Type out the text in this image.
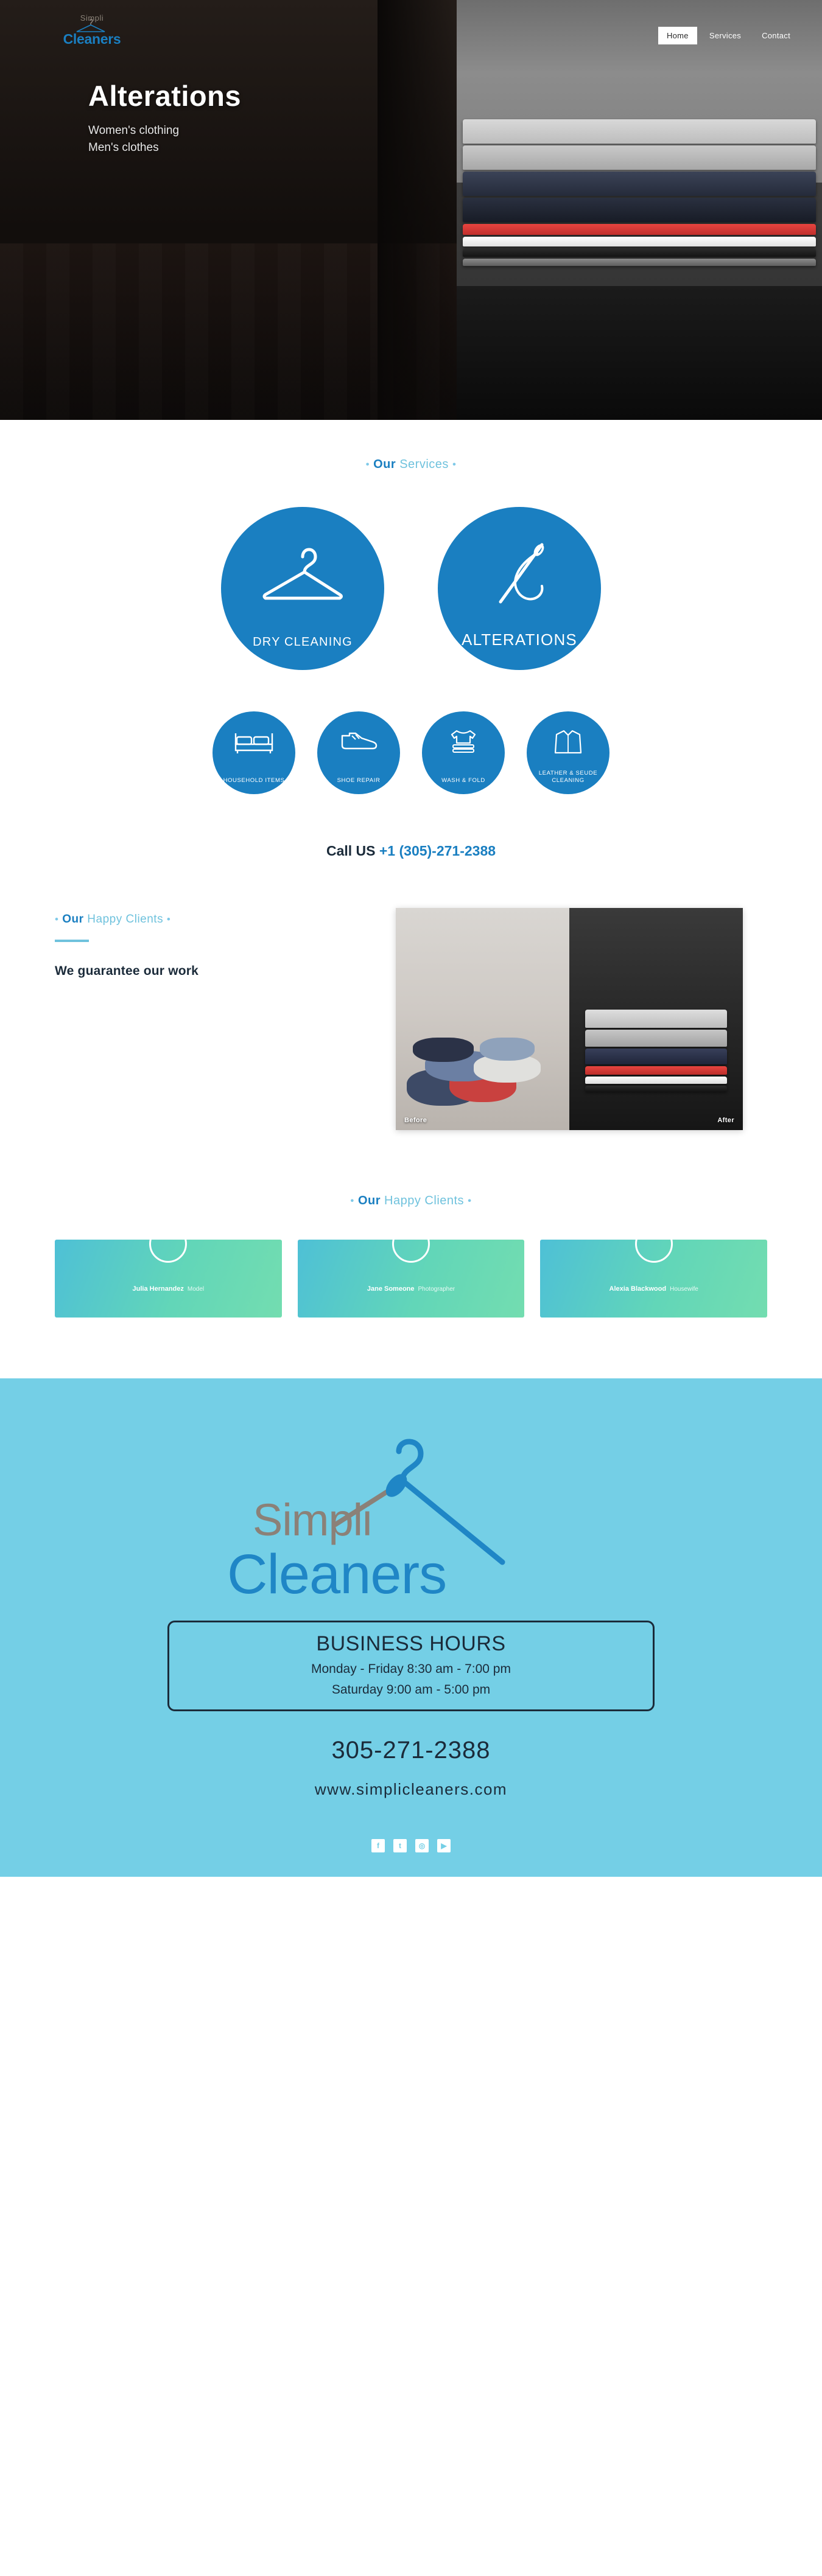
Simpli
Cleaners	Home	Services	Contact
Alterations

Women's clothing
Men's clothes

• Our Services •
DRY CLEANING	ALTERATIONS
HOUSEHOLD ITEMS	SHOE REPAIR	WASH & FOLD
LEATHER & SEUDE CLEANING
Call US +1 (305)-271-2388
• Our Happy Clients •
We guarantee our work
Before	After
• Our Happy Clients •
Julia Hernandez Model	Jane Someone Photographer	Alexia Blackwood Housewife
Simpli
Cleaners
BUSINESS HOURS

Monday - Friday 8:30 am - 7:00 pm

Saturday 9:00 am - 5:00 pm

305-271-2388
www.simplicleaners.com
f	t	◎	▶
